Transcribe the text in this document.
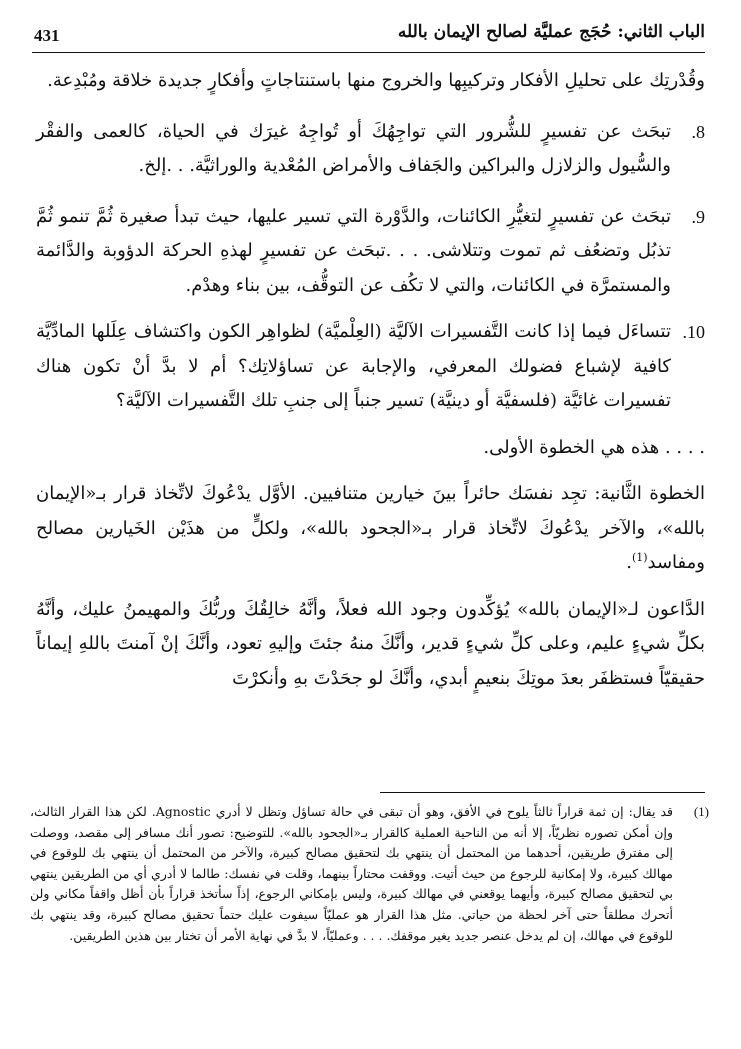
431	الباب الثاني: حُجَج عمليَّة لصالح الإيمان بالله

وقُدْرتِك على تحليلِ الأفكار وتركيبِها والخروج منها باستنتاجاتٍ وأفكارٍ جديدة خلاقة ومُبْدِعة.

.8

تبحَث عن تفسيرٍ للشُّرور التي تواجِهُكَ أو تُواجِهُ غيرَك في الحياة، كالعمى والفقْر والسُّيول والزلازل والبراكين والجَفاف والأمراض المُعْدية والوراثيَّة. . .إلخ.

.9

تبحَث عن تفسيرٍ لتغيُّرِ الكائنات، والدَّوْرة التي تسير عليها، حيث تبدأ صغيرة ثُمَّ تنمو ثُمَّ تذبُل وتضعُف ثم تموت وتتلاشى. . . .تبحَث عن تفسيرٍ لهذهِ الحركة الدؤوبة والدَّائمة والمستمرَّة في الكائنات، والتي لا تكُف عن التوقُّف، بين بناء وهدْم.

.10

تتساءَل فيما إذا كانت التَّفسيرات الآليَّة (العِلْميَّة) لظواهِر الكون واكتشاف عِلَلها المادِّيَّة كافية لإشباع فضولك المعرفي، والإجابة عن تساؤلاتِك؟ أم لا بدَّ أنْ تكون هناك تفسيرات غائيَّة (فلسفيَّة أو دينيَّة) تسير جنباً إلى جنبِ تلك التَّفسيرات الآليَّة؟

. . . . هذه هي الخطوة الأولى.

الخطوة الثَّانية: تجِد نفسَك حائراً بينَ خيارين متنافيين. الأوَّل يدْعُوكَ لاتِّخاذ قرار بـ«الإيمان بالله»، والآخر يدْعُوكَ لاتِّخاذ قرار بـ«الجحود بالله»، ولكلٍّ من هذَيْن الخَيارين مصالح ومفاسد$^{(1)}$.

الدَّاعون لـ«الإيمان بالله» يُؤكِّدون وجود الله فعلاً، وأنَّهُ خالِقُكَ وربُّكَ والمهيمنُ عليك، وأنَّهُ بكلِّ شيءٍ عليم، وعلى كلِّ شيءٍ قدير، وأنَّكَ منهُ جئتَ وإليهِ تعود، وأنَّكَ إنْ آمنتَ باللهِ إيماناً حقيقيّاً فستظفَر بعدَ موتِكَ بنعيمٍ أبدي، وأنَّكَ لو جحَدْتَ بهِ وأنكرْتَ

(1)

قد يقال: إن ثمة قراراً ثالثاً يلوح في الأفق، وهو أن تبقى في حالة تساؤل وتظل لا أدري Agnostic. لكن هذا القرار الثالث، وإن أمكن تصوره نظريّاً، إلا أنه من الناحية العملية كالقرار بـ«الجحود بالله». للتوضيح: تصور أنك مسافر إلى مقصد، ووصلت إلى مفترق طريقين، أحدهما من المحتمل أن ينتهي بك لتحقيق مصالح كبيرة، والآخر من المحتمل أن ينتهي بك للوقوع في مهالك كبيرة، ولا إمكانية للرجوع من حيث أتيت. ووقفت محتاراً بينهما، وقلت في نفسك: طالما لا أدري أي من الطريقين ينتهي بي لتحقيق مصالح كبيرة، وأيهما يوقعني في مهالك كبيرة، وليس بإمكاني الرجوع، إذاً سأتخذ قراراً بأن أظل واقفاً مكاني ولن أتحرك مطلقاً حتى آخر لحظة من حياتي. مثل هذا القرار هو عمليّاً سيفوت عليك حتماً تحقيق مصالح كبيرة، وقد ينتهي بك للوقوع في مهالك، إن لم يدخل عنصر جديد يغير موقفك. . . . وعمليّاً، لا بدَّ في نهاية الأمر أن تختار بين هذين الطريقين.
